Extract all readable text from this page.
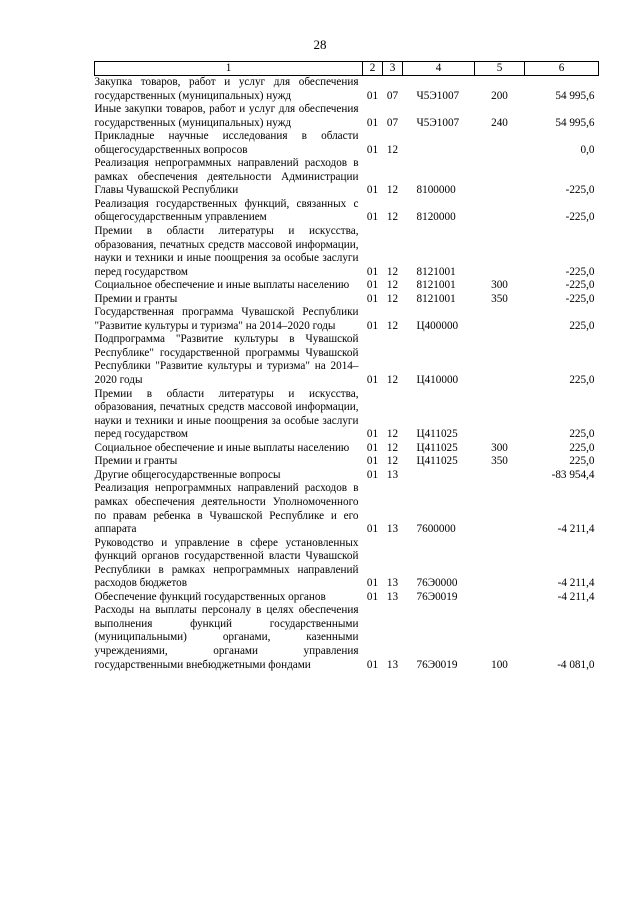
28
1	2	3	4	5	6
Закупка товаров, работ и услуг для обеспечения государственных (муниципальных) нужд	01	07	Ч5Э1007	200	54 995,6
Иные закупки товаров, работ и услуг для обеспечения государственных (муниципальных) нужд	01	07	Ч5Э1007	240	54 995,6
Прикладные научные исследования в области общегосударственных вопросов	01	12			0,0
Реализация непрограммных направлений расходов в рамках обеспечения деятельности Администрации Главы Чувашской Республики	01	12	8100000		-225,0
Реализация государственных функций, связанных с общегосударственным управлением	01	12	8120000		-225,0
Премии в области литературы и искусства, образования, печатных средств массовой информации, науки и техники и иные поощрения за особые заслуги перед государством	01	12	8121001		-225,0
Социальное обеспечение и иные выплаты населению	01	12	8121001	300	-225,0
Премии и гранты	01	12	8121001	350	-225,0
Государственная программа Чувашской Республики "Развитие культуры и туризма" на 2014–2020 годы	01	12	Ц400000		225,0
Подпрограмма "Развитие культуры в Чувашской Республике" государственной программы Чувашской Республики "Развитие культуры и туризма" на 2014–2020 годы	01	12	Ц410000		225,0
Премии в области литературы и искусства, образования, печатных средств массовой информации, науки и техники и иные поощрения за особые заслуги перед государством	01	12	Ц411025		225,0
Социальное обеспечение и иные выплаты населению	01	12	Ц411025	300	225,0
Премии и гранты	01	12	Ц411025	350	225,0
Другие общегосударственные вопросы	01	13			-83 954,4
Реализация непрограммных направлений расходов в рамках обеспечения деятельности Уполномоченного по правам ребенка в Чувашской Республике и его аппарата	01	13	7600000		-4 211,4
Руководство и управление в сфере установленных функций органов государственной власти Чувашской Республики в рамках непрограммных направлений расходов бюджетов	01	13	76Э0000		-4 211,4
Обеспечение функций государственных органов	01	13	76Э0019		-4 211,4
Расходы на выплаты персоналу в целях обеспечения выполнения функций государственными (муниципальными) органами, казенными учреждениями, органами управления государственными внебюджетными фондами	01	13	76Э0019	100	-4 081,0
